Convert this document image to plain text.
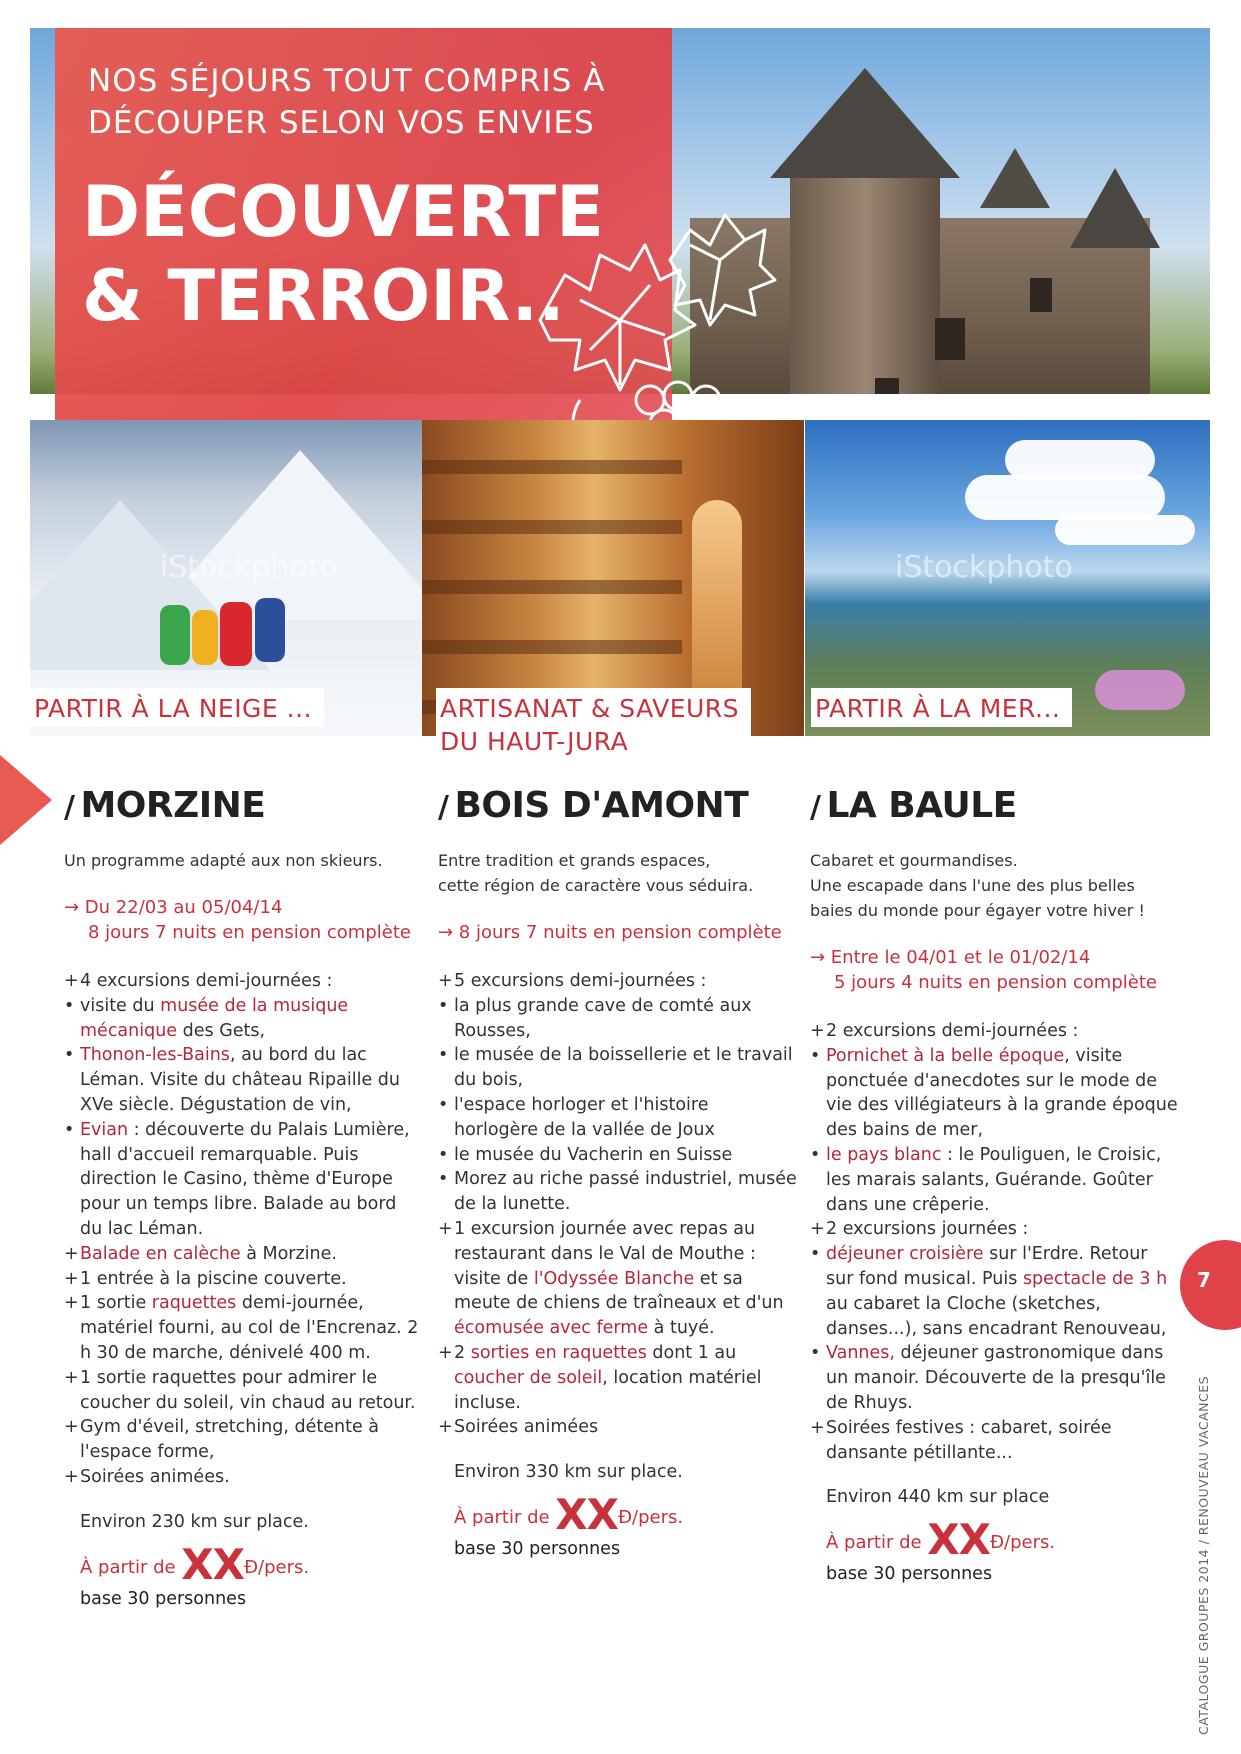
NOS SÉJOURS TOUT COMPRIS À
DÉCOUPER SELON VOS ENVIES
DÉCOUVERTE
& TERROIR..
iStockphoto	iStockphoto
PARTIR À LA NEIGE ...	ARTISANAT & SAVEURS
DU HAUT-JURA
PARTIR À LA MER...
/ MORZINE
Un programme adapté aux non skieurs.
→ Du 22/03 au 05/04/14
8 jours 7 nuits en pension complète
+ 4 excursions demi-journées :
• visite du musée de la musique mécanique des Gets,
• Thonon-les-Bains, au bord du lac Léman. Visite du château Ripaille du XVe siècle. Dégustation de vin,
• Evian : découverte du Palais Lumière, hall d'accueil remarquable. Puis direction le Casino, thème d'Europe pour un temps libre. Balade au bord du lac Léman.
+ Balade en calèche à Morzine.
+ 1 entrée à la piscine couverte.
+ 1 sortie raquettes demi-journée, matériel fourni, au col de l'Encrenaz. 2 h 30 de marche, dénivelé 400 m.
+ 1 sortie raquettes pour admirer le coucher du soleil, vin chaud au retour.
+ Gym d'éveil, stretching, détente à l'espace forme,
+ Soirées animées.
Environ 230 km sur place.
À partir de XXÐ/pers.
base 30 personnes
/ BOIS D'AMONT
Entre tradition et grands espaces,
cette région de caractère vous séduira.
→ 8 jours 7 nuits en pension complète
+ 5 excursions demi-journées :
• la plus grande cave de comté aux Rousses,
• le musée de la boissellerie et le travail du bois,
• l'espace horloger et l'histoire horlogère de la vallée de Joux
• le musée du Vacherin en Suisse
• Morez au riche passé industriel, musée de la lunette.
+ 1 excursion journée avec repas au restaurant dans le Val de Mouthe : visite de l'Odyssée Blanche et sa meute de chiens de traîneaux et d'un écomusée avec ferme à tuyé.
+ 2 sorties en raquettes dont 1 au coucher de soleil, location matériel incluse.
+ Soirées animées
Environ 330 km sur place.
À partir de XXÐ/pers.
base 30 personnes
/ LA BAULE
Cabaret et gourmandises.
Une escapade dans l'une des plus belles
baies du monde pour égayer votre hiver !
→ Entre le 04/01 et le 01/02/14
5 jours 4 nuits en pension complète
+ 2 excursions demi-journées :
• Pornichet à la belle époque, visite ponctuée d'anecdotes sur le mode de vie des villégiateurs à la grande époque des bains de mer,
• le pays blanc : le Pouliguen, le Croisic, les marais salants, Guérande. Goûter dans une crêperie.
+ 2 excursions journées :
• déjeuner croisière sur l'Erdre. Retour sur fond musical. Puis spectacle de 3 h au cabaret la Cloche (sketches, danses...), sans encadrant Renouveau,
• Vannes, déjeuner gastronomique dans un manoir. Découverte de la presqu'île de Rhuys.
+ Soirées festives : cabaret, soirée dansante pétillante...
Environ 440 km sur place
À partir de XXÐ/pers.
base 30 personnes
7
CATALOGUE GROUPES 2014 / RENOUVEAU VACANCES
